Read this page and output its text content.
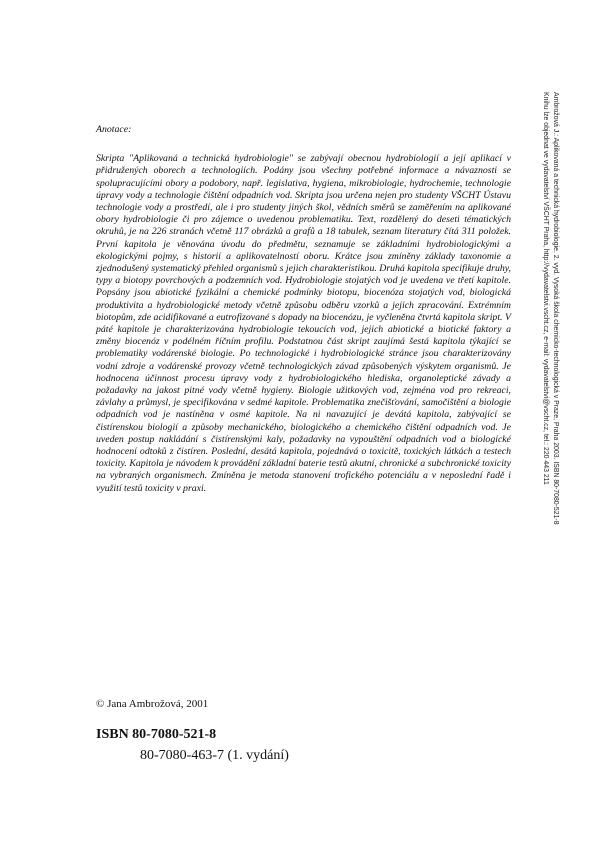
Ambrožová J.: Aplikovaná a technická hydrobiologie. 2. vyd. Vysoká škola chemicko-technologická v Praze, Praha 2003. ISBN 80-7080-521-8
Knihu lze objednat ve vydavatelství VŠCHT Praha, http://vydavatelstvi.vscht.cz, e-mail: vydavatelstvi@vscht.cz, tel.: 220 443 211

Anotace:

Skripta "Aplikovaná a technická hydrobiologie" se zabývají obecnou hydrobiologií a její aplikací v přidružených oborech a technologiích. Podány jsou všechny potřebné informace a návaznosti se spolupracujícími obory a podobory, např. legislativa, hygiena, mikrobiologie, hydrochemie, technologie úpravy vody a technologie čištění odpadních vod. Skripta jsou určena nejen pro studenty VŠCHT Ústavu technologie vody a prostředí, ale i pro studenty jiných škol, vědních směrů se zaměřením na aplikované obory hydrobiologie či pro zájemce o uvedenou problematiku. Text, rozdělený do deseti tématických okruhů, je na 226 stranách včetně 117 obrázků a grafů a 18 tabulek, seznam literatury čítá 311 položek. První kapitola je věnována úvodu do předmětu, seznamuje se základními hydrobiologickými a ekologickými pojmy, s historií a aplikovatelností oboru. Krátce jsou zmíněny základy taxonomie a zjednodušený systematický přehled organismů s jejich charakteristikou. Druhá kapitola specifikuje druhy, typy a biotopy povrchových a podzemních vod. Hydrobiologie stojatých vod je uvedena ve třetí kapitole. Popsány jsou abiotické fyzikální a chemické podmínky biotopu, biocenóza stojatých vod, biologická produktivita a hydrobiologické metody včetně způsobu odběru vzorků a jejich zpracování. Extrémním biotopům, zde acidifikované a eutrofizované s dopady na biocenózu, je vyčleněna čtvrtá kapitola skript. V páté kapitole je charakterizována hydrobiologie tekoucích vod, jejich abiotické a biotické faktory a změny biocenóz v podélném říčním profilu. Podstatnou část skript zaujímá šestá kapitola týkající se problematiky vodárenské biologie. Po technologické i hydrobiologické stránce jsou charakterizovány vodní zdroje a vodárenské provozy včetně technologických závad způsobených výskytem organismů. Je hodnocena účinnost procesu úpravy vody z hydrobiologického hlediska, organoleptické závady a požadavky na jakost pitné vody včetně hygieny. Biologie užitkových vod, zejména vod pro rekreaci, závlahy a průmysl, je specifikována v sedmé kapitole. Problematika znečišťování, samočištění a biologie odpadních vod je nastíněna v osmé kapitole. Na ni navazující je devátá kapitola, zabývající se čistírenskou biologií a způsoby mechanického, biologického a chemického čištění odpadních vod. Je uveden postup nakládání s čistírenskými kaly, požadavky na vypouštění odpadních vod a biologické hodnocení odtoků z čistíren. Poslední, desátá kapitola, pojednává o toxicitě, toxických látkách a testech toxicity. Kapitola je návodem k provádění základní baterie testů akutní, chronické a subchronické toxicity na vybraných organismech. Zmíněna je metoda stanovení trofického potenciálu a v neposlední řadě i využití testů toxicity v praxi.

© Jana Ambrožová, 2001
ISBN 80-7080-521-8
80-7080-463-7 (1. vydání)
